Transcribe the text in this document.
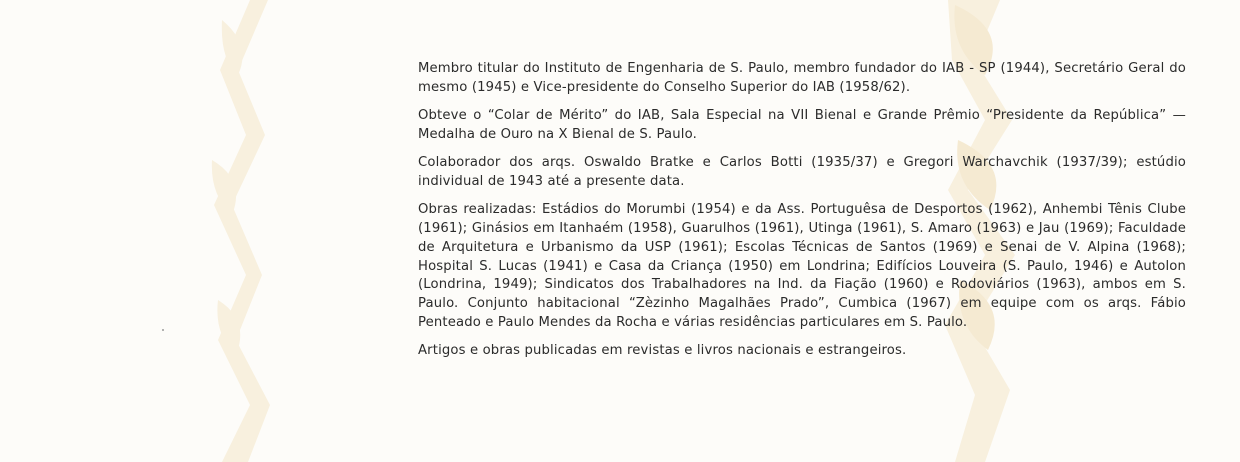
Membro titular do Instituto de Engenharia de S. Paulo, membro fundador do IAB - SP (1944), Secretário Geral do mesmo (1945) e Vice-presidente do Conselho Superior do IAB (1958/62).

Obteve o “Colar de Mérito” do IAB, Sala Especial na VII Bienal e Grande Prêmio “Presidente da República” — Medalha de Ouro na X Bienal de S. Paulo.

Colaborador dos arqs. Oswaldo Bratke e Carlos Botti (1935/37) e Gregori Warchavchik (1937/39); estúdio individual de 1943 até a presente data.

Obras realizadas: Estádios do Morumbi (1954) e da Ass. Portuguêsa de Desportos (1962), Anhembi Tênis Clube (1961); Ginásios em Itanhaém (1958), Guarulhos (1961), Utinga (1961), S. Amaro (1963) e Jau (1969); Faculdade de Arquitetura e Urbanismo da USP (1961); Escolas Técnicas de Santos (1969) e Senai de V. Alpina (1968); Hospital S. Lucas (1941) e Casa da Criança (1950) em Londrina; Edifícios Louveira (S. Paulo, 1946) e Autolon (Londrina, 1949); Sindicatos dos Trabalhadores na Ind. da Fiação (1960) e Rodoviários (1963), ambos em S. Paulo. Conjunto habitacional “Zèzinho Magalhães Prado”, Cumbica (1967) em equipe com os arqs. Fábio Penteado e Paulo Mendes da Rocha e várias residências particulares em S. Paulo.

Artigos e obras publicadas em revistas e livros nacionais e estrangeiros.
